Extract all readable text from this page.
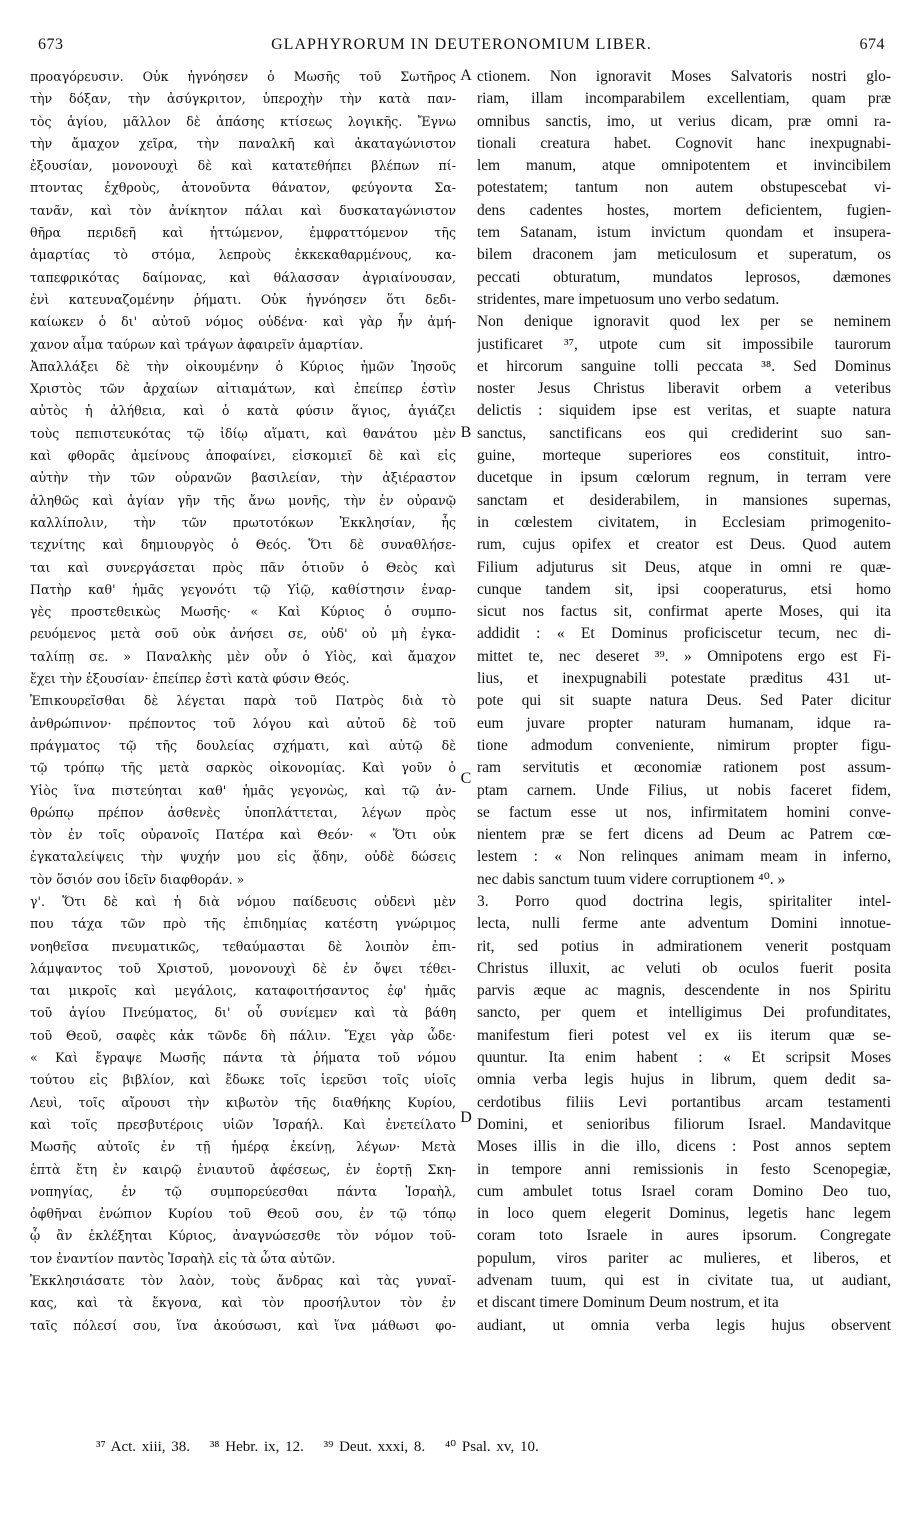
673	GLAPHYRORUM IN DEUTERONOMIUM LIBER.	674
προαγόρευσιν. Οὐκ ἠγνόησεν ὁ Μωσῆς τοῦ Σωτῆρος
τὴν δόξαν, τὴν ἀσύγκριτον, ὑπεροχὴν τὴν κατὰ παν-
τὸς ἁγίου, μᾶλλον δὲ ἁπάσης κτίσεως λογικῆς. Ἔγνω
τὴν ἄμαχον χεῖρα, τὴν παναλκῆ καὶ ἀκαταγώνιστον
ἐξουσίαν, μονονουχὶ δὲ καὶ κατατεθήπει βλέπων πί-
πτοντας ἐχθροὺς, ἀτονοῦντα θάνατον, φεύγοντα Σα-
τανᾶν, καὶ τὸν ἀνίκητον πάλαι καὶ δυσκαταγώνιστον
θῆρα περιδεῆ καὶ ἡττώμενον, ἐμφραττόμενον τῆς
ἁμαρτίας τὸ στόμα, λεπροὺς ἐκκεκαθαρμένους, κα-
ταπεφρικότας δαίμονας, καὶ θάλασσαν ἀγριαίνουσαν,
ἐνὶ κατευναζομένην ῥήματι. Οὐκ ἠγνόησεν ὅτι δεδι-
καίωκεν ὁ δι' αὐτοῦ νόμος οὐδένα· καὶ γὰρ ἦν ἀμή-
χανον αἷμα ταύρων καὶ τράγων ἀφαιρεῖν ἁμαρτίαν.
Ἀπαλλάξει δὲ τὴν οἰκουμένην ὁ Κύριος ἡμῶν Ἰησοῦς
Χριστὸς τῶν ἀρχαίων αἰτιαμάτων, καὶ ἐπείπερ ἐστὶν
αὐτὸς ἡ ἀλήθεια, καὶ ὁ κατὰ φύσιν ἅγιος, ἁγιάζει
τοὺς πεπιστευκότας τῷ ἰδίῳ αἵματι, καὶ θανάτου μὲν
καὶ φθορᾶς ἀμείνους ἀποφαίνει, εἰσκομιεῖ δὲ καὶ εἰς
αὐτὴν τὴν τῶν οὐρανῶν βασιλείαν, τὴν ἀξιέραστον
ἀληθῶς καὶ ἁγίαν γῆν τῆς ἄνω μονῆς, τὴν ἐν οὐρανῷ
καλλίπολιν, τὴν τῶν πρωτοτόκων Ἐκκλησίαν, ἧς
τεχνίτης καὶ δημιουργὸς ὁ Θεός. Ὅτι δὲ συναθλήσε-
ται καὶ συνεργάσεται πρὸς πᾶν ὁτιοῦν ὁ Θεὸς καὶ
Πατὴρ καθ' ἡμᾶς γεγονότι τῷ Υἱῷ, καθίστησιν ἐναρ-
γὲς προστεθεικὼς Μωσῆς· « Καὶ Κύριος ὁ συμπο-
ρευόμενος μετὰ σοῦ οὐκ ἀνήσει σε, οὐδ' οὐ μὴ ἐγκα-
ταλίπῃ σε. » Παναλκὴς μὲν οὖν ὁ Υἱὸς, καὶ ἄμαχον
ἔχει τὴν ἐξουσίαν· ἐπείπερ ἐστὶ κατὰ φύσιν Θεός.
Ἐπικουρεῖσθαι δὲ λέγεται παρὰ τοῦ Πατρὸς διὰ τὸ
ἀνθρώπινον· πρέποντος τοῦ λόγου καὶ αὐτοῦ δὲ τοῦ
πράγματος τῷ τῆς δουλείας σχήματι, καὶ αὐτῷ δὲ
τῷ τρόπῳ τῆς μετὰ σαρκὸς οἰκονομίας. Καὶ γοῦν ὁ
Υἱὸς ἵνα πιστεύηται καθ' ἡμᾶς γεγονὼς, καὶ τῷ ἀν-
θρώπῳ πρέπον ἀσθενὲς ὑποπλάττεται, λέγων πρὸς
τὸν ἐν τοῖς οὐρανοῖς Πατέρα καὶ Θεόν· « Ὅτι οὐκ
ἐγκαταλείψεις τὴν ψυχήν μου εἰς ᾅδην, οὐδὲ δώσεις
τὸν ὅσιόν σου ἰδεῖν διαφθοράν. »
γ'. Ὅτι δὲ καὶ ἡ διὰ νόμου παίδευσις οὐδενὶ μὲν
που τάχα τῶν πρὸ τῆς ἐπιδημίας κατέστη γνώριμος
νοηθεῖσα πνευματικῶς, τεθαύμασται δὲ λοιπὸν ἐπι-
λάμψαντος τοῦ Χριστοῦ, μονονουχὶ δὲ ἐν ὄψει τέθει-
ται μικροῖς καὶ μεγάλοις, καταφοιτήσαντος ἐφ' ἡμᾶς
τοῦ ἁγίου Πνεύματος, δι' οὗ συνίεμεν καὶ τὰ βάθη
τοῦ Θεοῦ, σαφὲς κἀκ τῶνδε δὴ πάλιν. Ἔχει γὰρ ὧδε·
« Καὶ ἔγραψε Μωσῆς πάντα τὰ ῥήματα τοῦ νόμου
τούτου εἰς βιβλίον, καὶ ἔδωκε τοῖς ἱερεῦσι τοῖς υἱοῖς
Λευὶ, τοῖς αἴρουσι τὴν κιβωτὸν τῆς διαθήκης Κυρίου,
καὶ τοῖς πρεσβυτέροις υἱῶν Ἰσραήλ. Καὶ ἐνετείλατο
Μωσῆς αὐτοῖς ἐν τῇ ἡμέρᾳ ἐκείνῃ, λέγων· Μετὰ
ἑπτὰ ἔτη ἐν καιρῷ ἐνιαυτοῦ ἀφέσεως, ἐν ἑορτῇ Σκη-
νοπηγίας, ἐν τῷ συμπορεύεσθαι πάντα Ἰσραὴλ,
ὀφθῆναι ἐνώπιον Κυρίου τοῦ Θεοῦ σου, ἐν τῷ τόπῳ
ᾧ ἂν ἐκλέξηται Κύριος, ἀναγνώσεσθε τὸν νόμον τοῦ-
τον ἐναντίον παντὸς Ἰσραὴλ εἰς τὰ ὦτα αὐτῶν.
Ἐκκλησιάσατε τὸν λαὸν, τοὺς ἄνδρας καὶ τὰς γυναῖ-
κας, καὶ τὰ ἔκγονα, καὶ τὸν προσήλυτον τὸν ἐν
ταῖς πόλεσί σου, ἵνα ἀκούσωσι, καὶ ἵνα μάθωσι φο-
ctionem. Non ignoravit Moses Salvatoris nostri glo-
riam, illam incomparabilem excellentiam, quam præ
omnibus sanctis, imo, ut verius dicam, præ omni ra-
tionali creatura habet. Cognovit hanc inexpugnabi-
lem manum, atque omnipotentem et invincibilem
potestatem; tantum non autem obstupescebat vi-
dens cadentes hostes, mortem deficientem, fugien-
tem Satanam, istum invictum quondam et insupera-
bilem draconem jam meticulosum et superatum, os
peccati obturatum, mundatos leprosos, dæmones
stridentes, mare impetuosum uno verbo sedatum.
Non denique ignoravit quod lex per se neminem
justificaret ³⁷, utpote cum sit impossibile taurorum
et hircorum sanguine tolli peccata ³⁸. Sed Dominus
noster Jesus Christus liberavit orbem a veteribus
delictis : siquidem ipse est veritas, et suapte natura
sanctus, sanctificans eos qui crediderint suo san-
guine, morteque superiores eos constituit, intro-
ducetque in ipsum cœlorum regnum, in terram vere
sanctam et desiderabilem, in mansiones supernas,
in cœlestem civitatem, in Ecclesiam primogenito-
rum, cujus opifex et creator est Deus. Quod autem
Filium adjuturus sit Deus, atque in omni re quæ-
cunque tandem sit, ipsi cooperaturus, etsi homo
sicut nos factus sit, confirmat aperte Moses, qui ita
addidit : « Et Dominus proficiscetur tecum, nec di-
mittet te, nec deseret ³⁹. » Omnipotens ergo est Fi-
lius, et inexpugnabili potestate præditus 431 ut-
pote qui sit suapte natura Deus. Sed Pater dicitur
eum juvare propter naturam humanam, idque ra-
tione admodum conveniente, nimirum propter figu-
ram servitutis et œconomiæ rationem post assum-
ptam carnem. Unde Filius, ut nobis faceret fidem,
se factum esse ut nos, infirmitatem homini conve-
nientem præ se fert dicens ad Deum ac Patrem cœ-
lestem : « Non relinques animam meam in inferno,
nec dabis sanctum tuum videre corruptionem ⁴⁰. »
3. Porro quod doctrina legis, spiritaliter intel-
lecta, nulli ferme ante adventum Domini innotue-
rit, sed potius in admirationem venerit postquam
Christus illuxit, ac veluti ob oculos fuerit posita
parvis æque ac magnis, descendente in nos Spiritu
sancto, per quem et intelligimus Dei profunditates,
manifestum fieri potest vel ex iis iterum quæ se-
quuntur. Ita enim habent : « Et scripsit Moses
omnia verba legis hujus in librum, quem dedit sa-
cerdotibus filiis Levi portantibus arcam testamenti
Domini, et senioribus filiorum Israel. Mandavitque
Moses illis in die illo, dicens : Post annos septem
in tempore anni remissionis in festo Scenopegiæ,
cum ambulet totus Israel coram Domino Deo tuo,
in loco quem elegerit Dominus, legetis hanc legem
coram toto Israele in aures ipsorum. Congregate
populum, viros pariter ac mulieres, et liberos, et
advenam tuum, qui est in civitate tua, ut audiant,
et discant timere Dominum Deum nostrum, et ita
audiant, ut omnia verba legis hujus observent
A
B
C
D
³⁷ Act. xiii, 38. ³⁸ Hebr. ix, 12. ³⁹ Deut. xxxi, 8. ⁴⁰ Psal. xv, 10.
